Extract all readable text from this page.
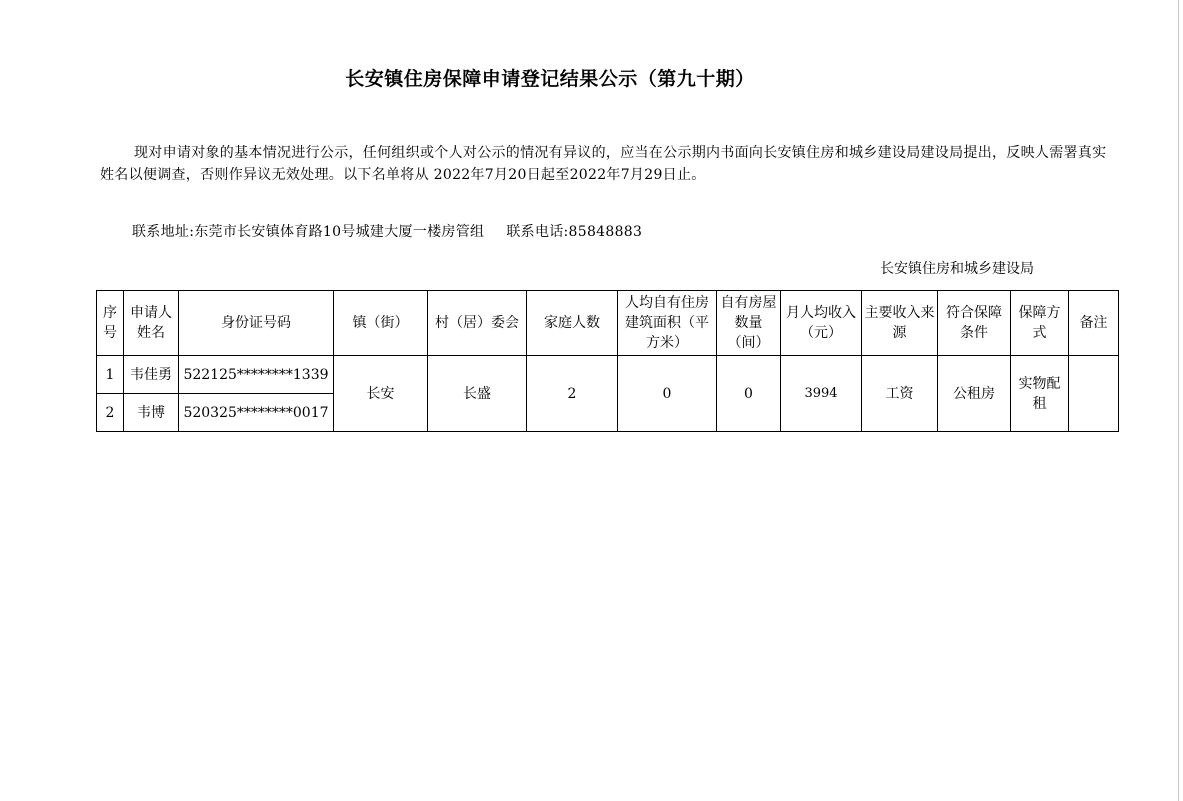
长安镇住房保障申请登记结果公示（第九十期）
现对申请对象的基本情况进行公示，任何组织或个人对公示的情况有异议的，应当在公示期内书面向长安镇住房和城乡建设局建设局提出，反映人需署真实姓名以便调查，否则作异议无效处理。以下名单将从 2022年7月20日起至2022年7月29日止。
联系地址:东莞市长安镇体育路10号城建大厦一楼房管组 联系电话:85848883
长安镇住房和城乡建设局
序号	申请人姓名	身份证号码	镇（街）	村（居）委会	家庭人数	人均自有住房建筑面积（平方米）	自有房屋数量（间）	月人均收入（元）	主要收入来源	符合保障条件	保障方式	备注
1	韦佳勇	522125********1339	长安	长盛	2	0	0	3994	工资	公租房	实物配租	
2	韦博	520325********0017										
